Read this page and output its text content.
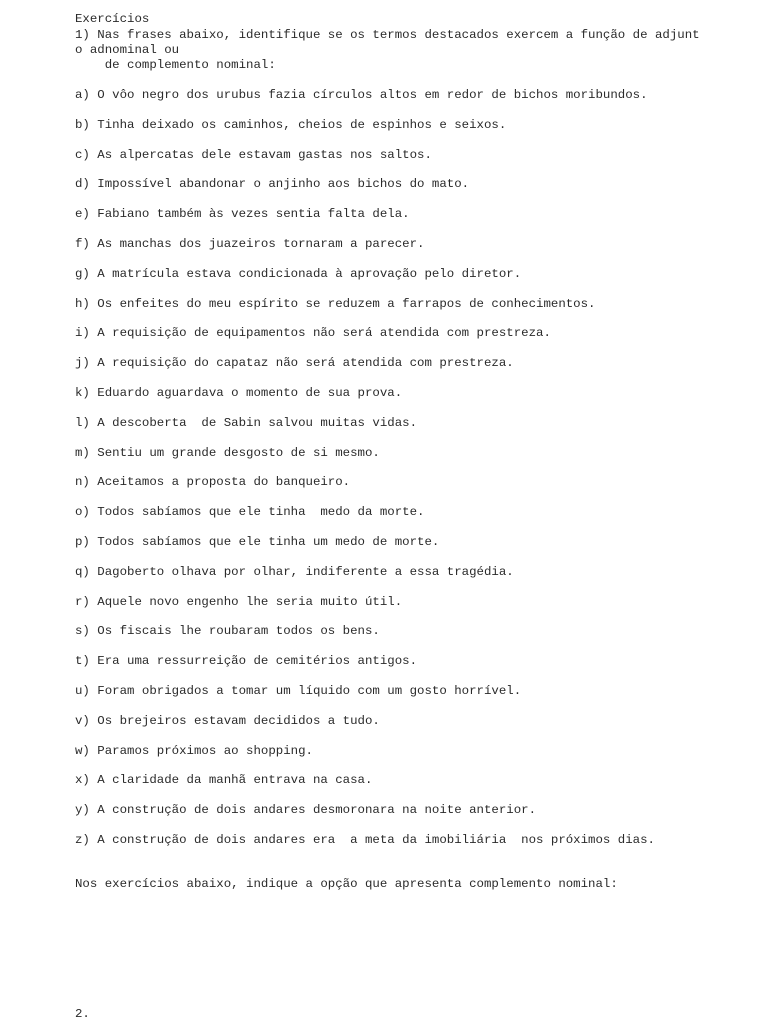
Exercícios
1) Nas frases abaixo, identifique se os termos destacados exercem a função de adjunt
o adnominal ou
de complemento nominal:
a) O vôo negro dos urubus fazia círculos altos em redor de bichos moribundos.
b) Tinha deixado os caminhos, cheios de espinhos e seixos.
c) As alpercatas dele estavam gastas nos saltos.
d) Impossível abandonar o anjinho aos bichos do mato.
e) Fabiano também às vezes sentia falta dela.
f) As manchas dos juazeiros tornaram a parecer.
g) A matrícula estava condicionada à aprovação pelo diretor.
h) Os enfeites do meu espírito se reduzem a farrapos de conhecimentos.
i) A requisição de equipamentos não será atendida com prestreza.
j) A requisição do capataz não será atendida com prestreza.
k) Eduardo aguardava o momento de sua prova.
l) A descoberta  de Sabin salvou muitas vidas.
m) Sentiu um grande desgosto de si mesmo.
n) Aceitamos a proposta do banqueiro.
o) Todos sabíamos que ele tinha  medo da morte.
p) Todos sabíamos que ele tinha um medo de morte.
q) Dagoberto olhava por olhar, indiferente a essa tragédia.
r) Aquele novo engenho lhe seria muito útil.
s) Os fiscais lhe roubaram todos os bens.
t) Era uma ressurreição de cemitérios antigos.
u) Foram obrigados a tomar um líquido com um gosto horrível.
v) Os brejeiros estavam decididos a tudo.
w) Paramos próximos ao shopping.
x) A claridade da manhã entrava na casa.
y) A construção de dois andares desmoronara na noite anterior.
z) A construção de dois andares era  a meta da imobiliária  nos próximos dias.
Nos exercícios abaixo, indique a opção que apresenta complemento nominal:
2.
